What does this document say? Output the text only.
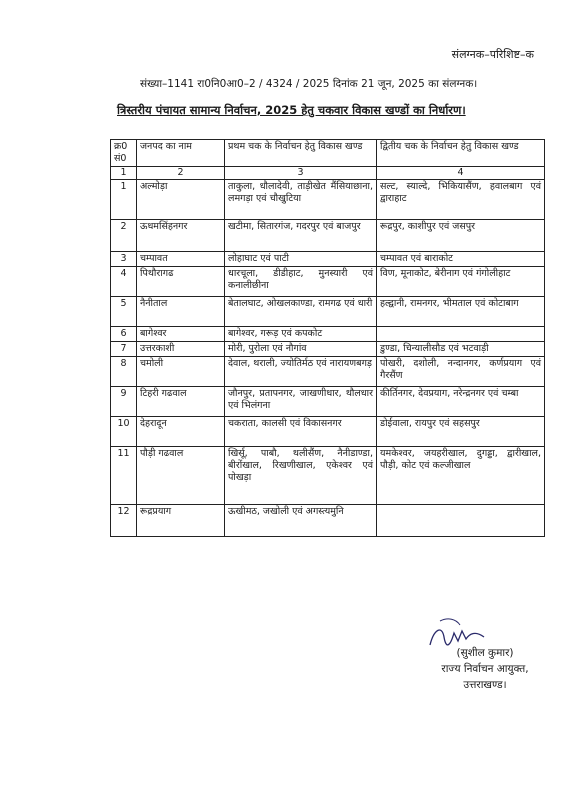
संलग्नक–परिशिष्ट–क
संख्या–1141 रा0नि0आ0–2 / 4324 / 2025 दिनांक 21 जून, 2025 का संलग्नक।
त्रिस्तरीय पंचायत सामान्य निर्वाचन, 2025 हेतु चकवार विकास खण्डों का निर्धारण।
क्र0 सं0	जनपद का नाम	प्रथम चक के निर्वाचन हेतु विकास खण्ड	द्वितीय चक के निर्वाचन हेतु विकास खण्ड
1	2	3	4
1	अल्मोड़ा	ताकुला, धौलादेवी, ताड़ीखेत मैंसियाछाना, लमगड़ा एवं चौखुटिया	सल्ट, स्याल्दे, भिकियासैंण, हवालबाग एवं द्वाराहाट
2	ऊधमसिंहनगर	खटीमा, सितारगंज, गदरपुर एवं बाजपुर	रूद्रपुर, काशीपुर एवं जसपुर
3	चम्पावत	लोहाघाट एवं पाटी	चम्पावत एवं बाराकोट
4	पिथौरागढ	धारचूला, डीडीहाट, मुनस्यारी एवं कनालीछीना	विण, मूनाकोट, बेरीनाग एवं गंगोलीहाट
5	नैनीताल	बेतालघाट, ओखलकाण्डा, रामगढ एवं धारी	हल्द्वानी, रामनगर, भीमताल एवं कोटाबाग
6	बागेश्वर	बागेश्वर, गरूड़ एवं कपकोट	
7	उत्तरकाशी	मोरी, पुरोला एवं नौगांव	डुण्डा, चिन्यालीसौड एवं भटवाड़ी
8	चमोली	देवाल, थराली, ज्योतिर्मठ एवं नारायणबगड़	पोखरी, दशोली, नन्दानगर, कर्णप्रयाग एवं गैरसैंण
9	टिहरी गढवाल	जौनपुर, प्रतापनगर, जाखणीधार, थौलधार एवं भिलंगना	कीर्तिनगर, देवप्रयाग, नरेन्द्रनगर एवं चम्बा
10	देहरादून	चकराता, कालसी एवं विकासनगर	डोईवाला, रायपुर एवं सहसपुर
11	पौड़ी गढवाल	खिर्सू, पाबौ, थलीसैंण, नैनीडाण्डा, बीरोंखाल, रिखणीखाल, एकेश्वर एवं पोखड़ा	यमकेश्वर, जयहरीखाल, दुगड्डा, द्वारीखाल, पौड़ी, कोट एवं कल्जीखाल
12	रूद्रप्रयाग	ऊखीमठ, जखोली एवं अगस्त्यमुनि	
(सुशील कुमार)
राज्य निर्वाचन आयुक्त,
उत्तराखण्ड।
